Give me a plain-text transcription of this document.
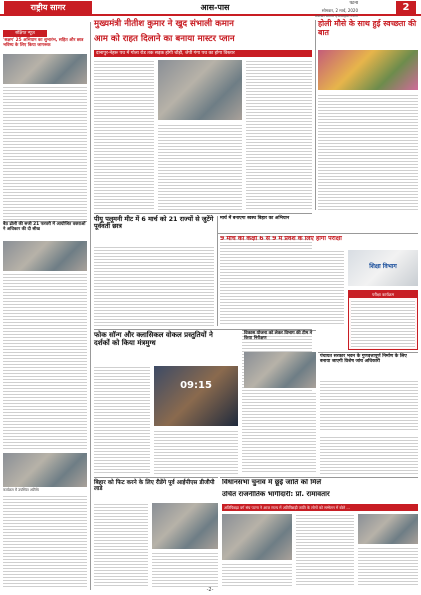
राष्ट्रीय सागर	आस-पास	पटना
सोमवार, 2 मार्च, 2020
www.rashtriyasagar.com
2
संक्षिप्त न्यूज़
'सक्षम' 25 अभियान का शुभारंभ, सहित और छात्र भविष्य के लिए किया जागरूक
बैठ ढोली की सजी 21 फरवरी में आयोजित वक्ताओं ने अधिकार की दी सीख
कार्यक्रम में उपस्थित अतिथि
मुख्यमंत्री नीतीश कुमार ने खुद संभाली कमान
आम को राहत दिलाने का बनाया मास्टर प्लान
दानापुर-नेहरू पथ में गोला रोड तक सड़क होगी चौड़ी, जेपी गंगा पथ का होगा विस्तार
पीयू पलूमनी मीट में 6 मार्च को 21 राज्यों से जुटेंगे पूर्ववर्ती छात्र
मार्च में बनाएगा स्वस्थ बिहार का अभियान
फोक सॉन्ग और क्लासिकल वोकल प्रस्तुतियों ने दर्शकों को किया मंत्रमुग्ध
09:15
बिहार को फिट करने के लिए रीडेंगे पूर्व आईपीएस डीजीपी लाडे
होली मौसे के साथ हुई स्वच्छता की बात
9 मार्च को कक्षा 6 से 9 में प्रवेश के लिए होगी परीक्षा
शिक्षा विभाग
परीक्षा कार्यक्रम
पंचायत सरकार भवन के गुणवत्तापूर्ण निर्माण के लिए बनाया जाएगी विशेष जांच अधिकारी
विकास योजना को लेकर विभाग की टीम ने किया निरीक्षण
विधानसभा चुनाव में छूई जाति को मिले
उचित राजनीतिक भागीदारी: प्रो. रामावतार
अतिपिछड़ा वर्ग संघ पटना ने आज राज्य में अतिपिछड़ी जाति के लोगों को सम्मेलन में बोले ...
-2-
